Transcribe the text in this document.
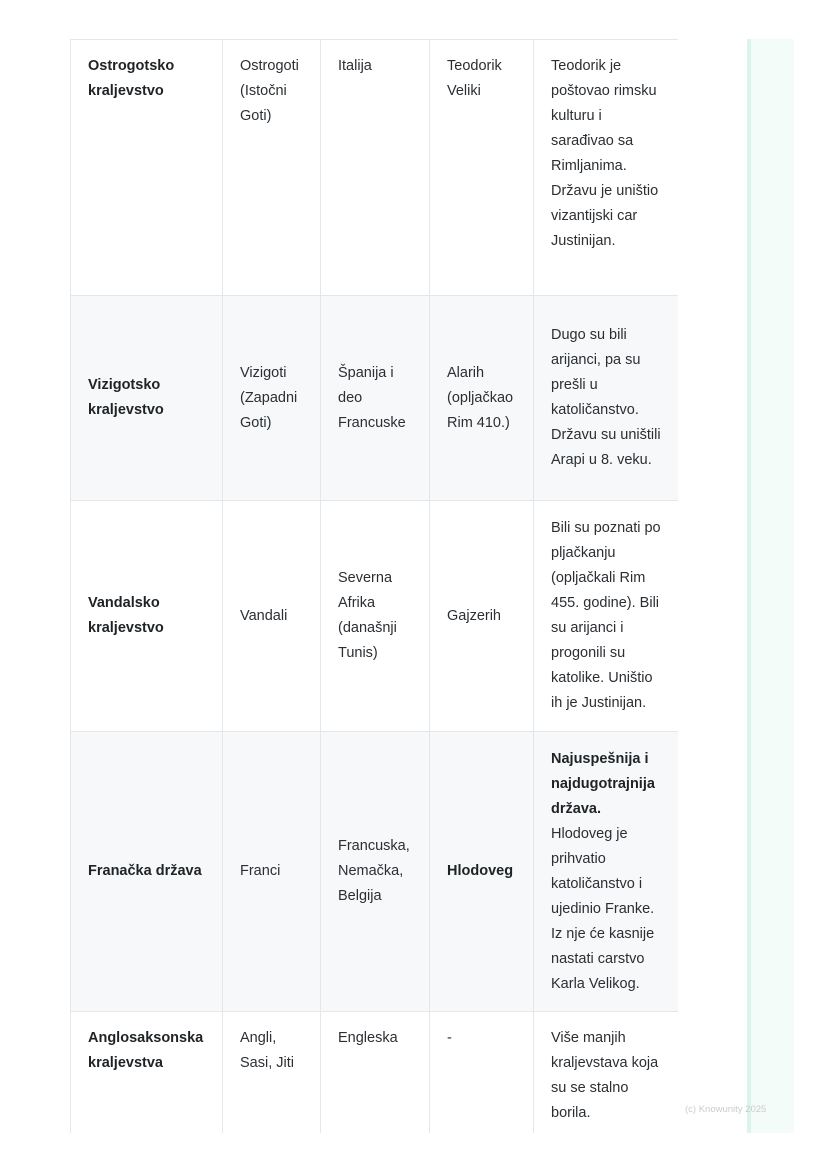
Ostrogotsko kraljevstvo	Ostrogoti (Istočni Goti)	Italija	Teodorik Veliki	Teodorik je poštovao rimsku kulturu i sarađivao sa Rimljanima. Državu je uništio vizantijski car Justinijan.
Vizigotsko kraljevstvo	Vizigoti (Zapadni Goti)	Španija i deo Francuske	Alarih (opljačkao Rim 410.)	Dugo su bili arijanci, pa su prešli u katoličanstvo. Državu su uništili Arapi u 8. veku.
Vandalsko kraljevstvo	Vandali	Severna Afrika (današnji Tunis)	Gajzerih	Bili su poznati po pljačkanju (opljačkali Rim 455. godine). Bili su arijanci i progonili su katolike. Uništio ih je Justinijan.
Franačka država	Franci	Francuska, Nemačka, Belgija	Hlodoveg	Najuspešnija i najdugotrajnija država. Hlodoveg je prihvatio katoličanstvo i ujedinio Franke. Iz nje će kasnije nastati carstvo Karla Velikog.
Anglosaksonska kraljevstva	Angli, Sasi, Jiti	Engleska	-	Više manjih kraljevstava koja su se stalno borila.	(c) Knowunity 2025
